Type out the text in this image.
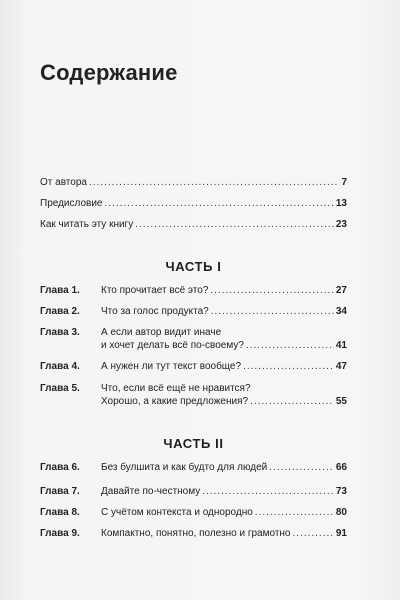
Содержание
От автора .....	7
Предисловие .....	13
Как читать эту книгу .....	23
ЧАСТЬ I
Глава 1.	Кто прочитает всё это? .....	27
Глава 2.	Что за голос продукта? .....	34
Глава 3.	А если автор видит иначе
и хочет делать всё по-своему? .....	41
Глава 4.	А нужен ли тут текст вообще? .....	47
Глава 5.	Что, если всё ещё не нравится?
Хорошо, а какие предложения? .....	55
ЧАСТЬ II
Глава 6.	Без булшита и как будто для людей .....	66
Глава 7.	Давайте по-честному .....	73
Глава 8.	С учётом контекста и однородно .....	80
Глава 9.	Компактно, понятно, полезно и грамотно .....	91
